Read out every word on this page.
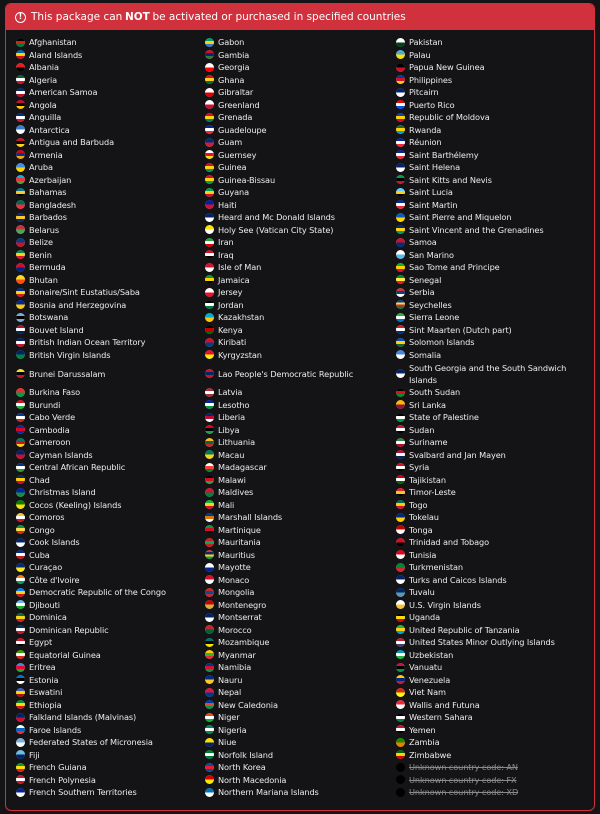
! This package can NOT be activated or purchased in specified countries
Afghanistan
Aland Islands
Albania
Algeria
American Samoa
Angola
Anguilla
Antarctica
Antigua and Barbuda
Armenia
Aruba
Azerbaijan
Bahamas
Bangladesh
Barbados
Belarus
Belize
Benin
Bermuda
Bhutan
Bonaire/Sint Eustatius/Saba
Bosnia and Herzegovina
Botswana
Bouvet Island
British Indian Ocean Territory
British Virgin Islands
Brunei Darussalam
Burkina Faso
Burundi
Cabo Verde
Cambodia
Cameroon
Cayman Islands
Central African Republic
Chad
Christmas Island
Cocos (Keeling) Islands
Comoros
Congo
Cook Islands
Cuba
Curaçao
Côte d'Ivoire
Democratic Republic of the Congo
Djibouti
Dominica
Dominican Republic
Egypt
Equatorial Guinea
Eritrea
Estonia
Eswatini
Ethiopia
Falkland Islands (Malvinas)
Faroe Islands
Federated States of Micronesia
Fiji
French Guiana
French Polynesia
French Southern Territories
Gabon
Gambia
Georgia
Ghana
Gibraltar
Greenland
Grenada
Guadeloupe
Guam
Guernsey
Guinea
Guinea-Bissau
Guyana
Haiti
Heard and Mc Donald Islands
Holy See (Vatican City State)
Iran
Iraq
Isle of Man
Jamaica
Jersey
Jordan
Kazakhstan
Kenya
Kiribati
Kyrgyzstan
Lao People's Democratic Republic
Latvia
Lesotho
Liberia
Libya
Lithuania
Macau
Madagascar
Malawi
Maldives
Mali
Marshall Islands
Martinique
Mauritania
Mauritius
Mayotte
Monaco
Mongolia
Montenegro
Montserrat
Morocco
Mozambique
Myanmar
Namibia
Nauru
Nepal
New Caledonia
Niger
Nigeria
Niue
Norfolk Island
North Korea
North Macedonia
Northern Mariana Islands
Pakistan
Palau
Papua New Guinea
Philippines
Pitcairn
Puerto Rico
Republic of Moldova
Rwanda
Réunion
Saint Barthélemy
Saint Helena
Saint Kitts and Nevis
Saint Lucia
Saint Martin
Saint Pierre and Miquelon
Saint Vincent and the Grenadines
Samoa
San Marino
Sao Tome and Principe
Senegal
Serbia
Seychelles
Sierra Leone
Sint Maarten (Dutch part)
Solomon Islands
Somalia
South Georgia and the South Sandwich Islands
South Sudan
Sri Lanka
State of Palestine
Sudan
Suriname
Svalbard and Jan Mayen
Syria
Tajikistan
Timor-Leste
Togo
Tokelau
Tonga
Trinidad and Tobago
Tunisia
Turkmenistan
Turks and Caicos Islands
Tuvalu
U.S. Virgin Islands
Uganda
United Republic of Tanzania
United States Minor Outlying Islands
Uzbekistan
Vanuatu
Venezuela
Viet Nam
Wallis and Futuna
Western Sahara
Yemen
Zambia
Zimbabwe
Unknown country code: AN
Unknown country code: FX
Unknown country code: XD
